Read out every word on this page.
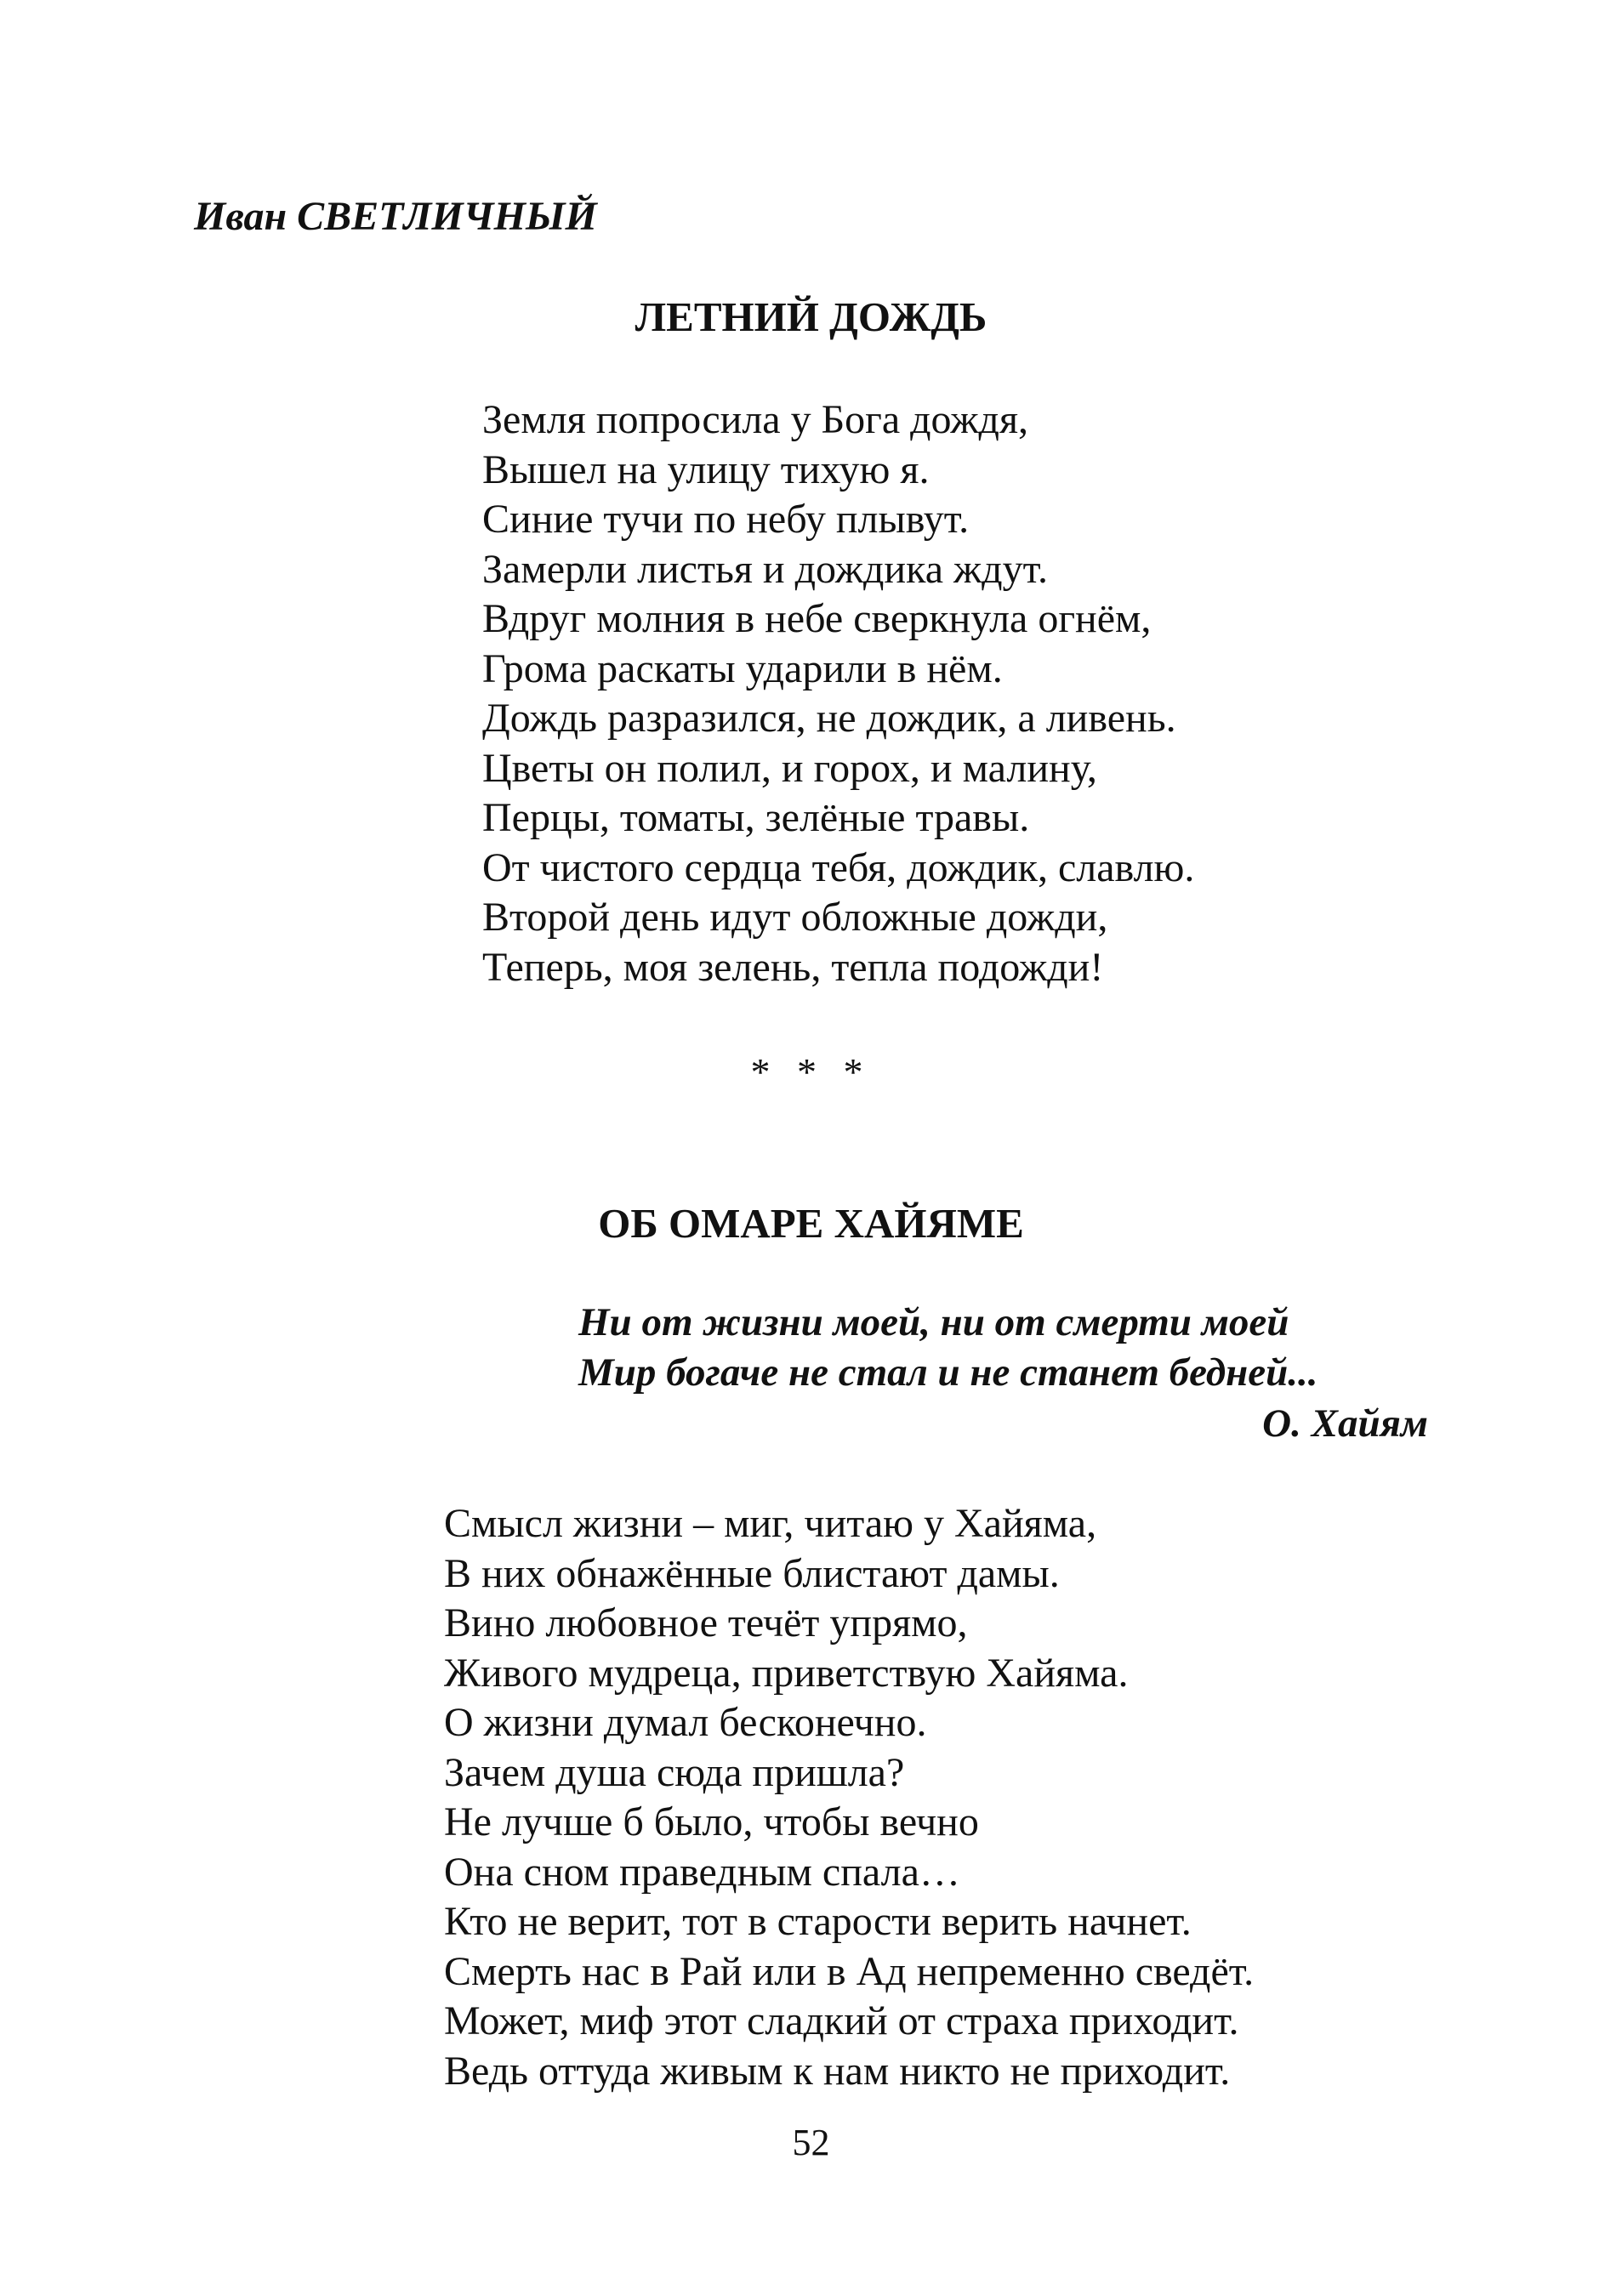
Иван СВЕТЛИЧНЫЙ

ЛЕТНИЙ ДОЖДЬ
Земля попросила у Бога дождя,
Вышел на улицу тихую я.
Синие тучи по небу плывут.
Замерли листья и дождика ждут.
Вдруг молния в небе сверкнула огнём,
Грома раскаты ударили в нём.
Дождь разразился, не дождик, а ливень.
Цветы он полил, и горох, и малину,
Перцы, томаты, зелёные травы.
От чистого сердца тебя, дождик, славлю.
Второй день идут обложные дожди,
Теперь, моя зелень, тепла подожди!

* * *

ОБ ОМАРЕ ХАЙЯМЕ
Ни от жизни моей, ни от смерти моей
Мир богаче не стал и не станет бедней...

О. Хайям

Смысл жизни – миг, читаю у Хайяма,
В них обнажённые блистают дамы.
Вино любовное течёт упрямо,
Живого мудреца, приветствую Хайяма.
О жизни думал бесконечно.
Зачем душа сюда пришла?
Не лучше б было, чтобы вечно
Она сном праведным спала…
Кто не верит, тот в старости верить начнет.
Смерть нас в Рай или в Ад непременно сведёт.
Может, миф этот сладкий от страха приходит.
Ведь оттуда живым к нам никто не приходит.

52
